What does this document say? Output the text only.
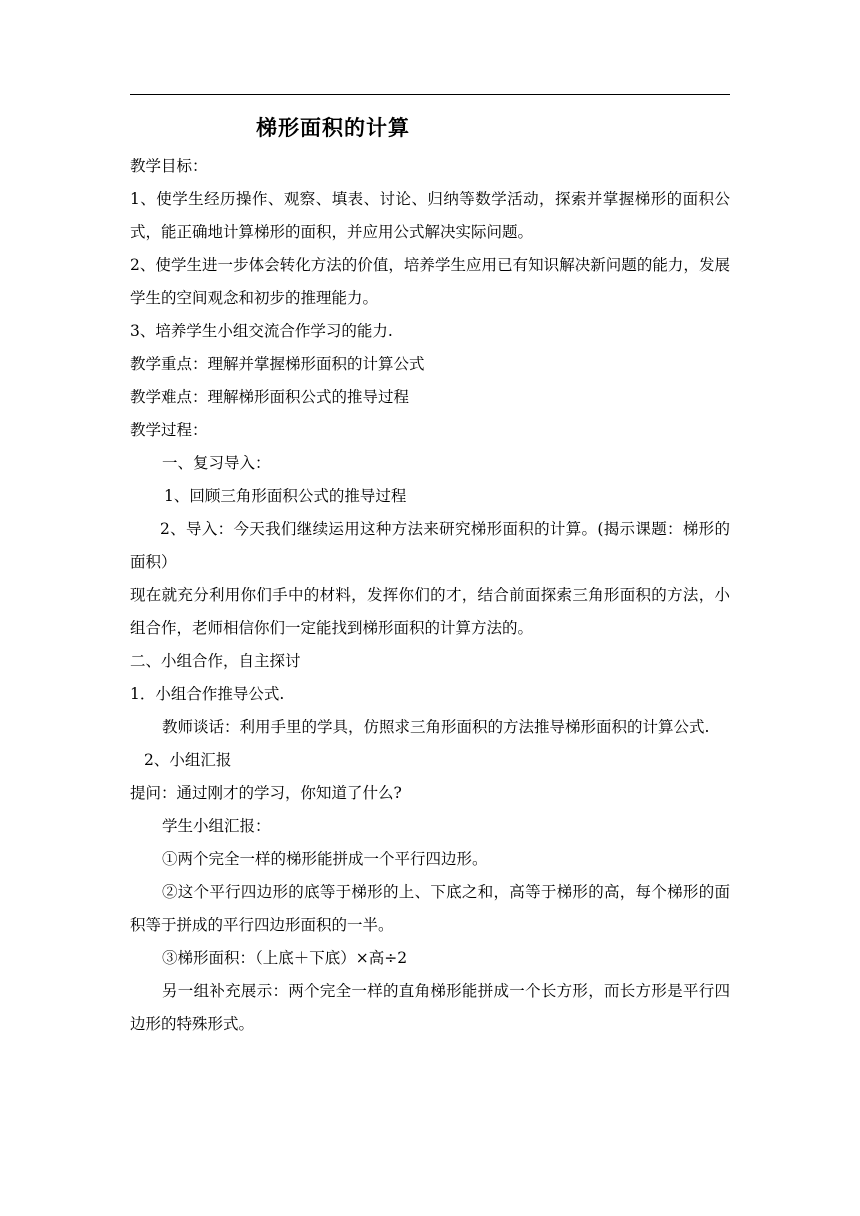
梯形面积的计算
教学目标：
1、使学生经历操作、观察、填表、讨论、归纳等数学活动，探索并掌握梯形的面积公式，能正确地计算梯形的面积，并应用公式解决实际问题。
2、使学生进一步体会转化方法的价值，培养学生应用已有知识解决新问题的能力，发展学生的空间观念和初步的推理能力。
3、培养学生小组交流合作学习的能力.
教学重点：理解并掌握梯形面积的计算公式
教学难点：理解梯形面积公式的推导过程
教学过程：
一、复习导入：
1、回顾三角形面积公式的推导过程
2、导入：今天我们继续运用这种方法来研究梯形面积的计算。(揭示课题：梯形的面积）
现在就充分利用你们手中的材料，发挥你们的才，结合前面探索三角形面积的方法，小组合作，老师相信你们一定能找到梯形面积的计算方法的。
二、小组合作，自主探讨
1．小组合作推导公式.
教师谈话：利用手里的学具，仿照求三角形面积的方法推导梯形面积的计算公式.
2、小组汇报
提问：通过刚才的学习，你知道了什么?
学生小组汇报：
①两个完全一样的梯形能拼成一个平行四边形。
②这个平行四边形的底等于梯形的上、下底之和，高等于梯形的高，每个梯形的面积等于拼成的平行四边形面积的一半。
③梯形面积：（上底＋下底）×高÷2
另一组补充展示：两个完全一样的直角梯形能拼成一个长方形，而长方形是平行四边形的特殊形式。
